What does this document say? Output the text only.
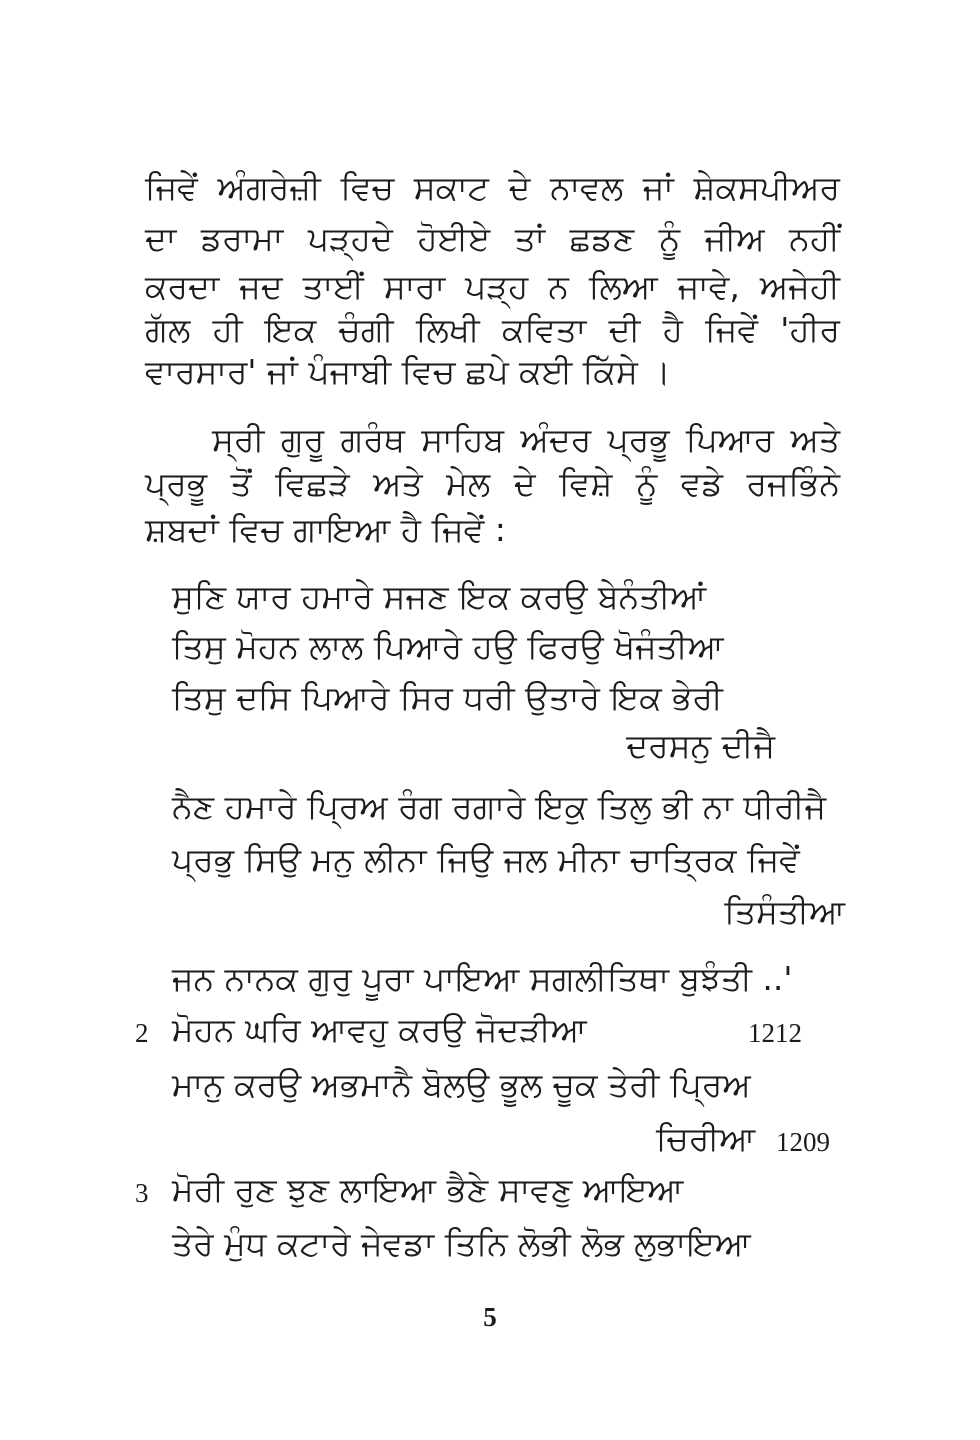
ਜਿਵੇਂ ਅੰਗਰੇਜ਼ੀ ਵਿਚ ਸਕਾਟ ਦੇ ਨਾਵਲ ਜਾਂ ਸ਼ੇਕਸਪੀਅਰ
ਦਾ ਡਰਾਮਾ ਪੜ੍ਹਦੇ ਹੋਈਏ ਤਾਂ ਛਡਣ ਨੂੰ ਜੀਅ ਨਹੀਂ
ਕਰਦਾ ਜਦ ਤਾਈਂ ਸਾਰਾ ਪੜ੍ਹ ਨ ਲਿਆ ਜਾਵੇ, ਅਜੇਹੀ
ਗੱਲ ਹੀ ਇਕ ਚੰਗੀ ਲਿਖੀ ਕਵਿਤਾ ਦੀ ਹੈ ਜਿਵੇਂ 'ਹੀਰ
ਵਾਰਸਾਰ' ਜਾਂ ਪੰਜਾਬੀ ਵਿਚ ਛਪੇ ਕਈ ਕਿੱਸੇ ।
ਸ੍ਰੀ ਗੁਰੂ ਗਰੰਥ ਸਾਹਿਬ ਅੰਦਰ ਪ੍ਰਭੂ ਪਿਆਰ ਅਤੇ
ਪ੍ਰਭੂ ਤੋਂ ਵਿਛੜੇ ਅਤੇ ਮੇਲ ਦੇ ਵਿਸ਼ੇ ਨੂੰ ਵਡੇ ਰਜਭਿੰਨੇ
ਸ਼ਬਦਾਂ ਵਿਚ ਗਾਇਆ ਹੈ ਜਿਵੇਂ :
ਸੁਣਿ ਯਾਰ ਹਮਾਰੇ ਸਜਣ ਇਕ ਕਰਉ ਬੇਨੰਤੀਆਂ
ਤਿਸੁ ਮੋਹਨ ਲਾਲ ਪਿਆਰੇ ਹਉ ਫਿਰਉ ਖੋਜੰਤੀਆ
ਤਿਸੁ ਦਸਿ ਪਿਆਰੇ ਸਿਰ ਧਰੀ ਉਤਾਰੇ ਇਕ ਭੇਰੀ
ਦਰਸਨੁ ਦੀਜੈ
ਨੈਣ ਹਮਾਰੇ ਪ੍ਰਿਅ ਰੰਗ ਰਗਾਰੇ ਇਕੁ ਤਿਲੁ ਭੀ ਨਾ ਧੀਰੀਜੈ
ਪ੍ਰਭੁ ਸਿਉ ਮਨੁ ਲੀਨਾ ਜਿਉ ਜਲ ਮੀਨਾ ਚਾਤ੍ਰਿਕ ਜਿਵੇਂ
ਤਿਸੰਤੀਆ
ਜਨ ਨਾਨਕ ਗੁਰੁ ਪੂਰਾ ਪਾਇਆ ਸਗਲੀਤਿਥਾ ਬੁਝੰਤੀ ..'
2 ਮੋਹਨ ਘਰਿ ਆਵਹੁ ਕਰਉ ਜੋਦੜੀਆ	1212
ਮਾਨੁ ਕਰਉ ਅਭਮਾਨੈ ਬੋਲਉ ਭੂਲ ਚੂਕ ਤੇਰੀ ਪ੍ਰਿਅ
ਚਿਰੀਆ 1209
3 ਮੋਰੀ ਰੁਣ ਝੁਣ ਲਾਇਆ ਭੈਣੇ ਸਾਵਣੁ ਆਇਆ
ਤੇਰੇ ਮੁੰਧ ਕਟਾਰੇ ਜੇਵਡਾ ਤਿਨਿ ਲੋਭੀ ਲੋਭ ਲੁਭਾਇਆ
5
